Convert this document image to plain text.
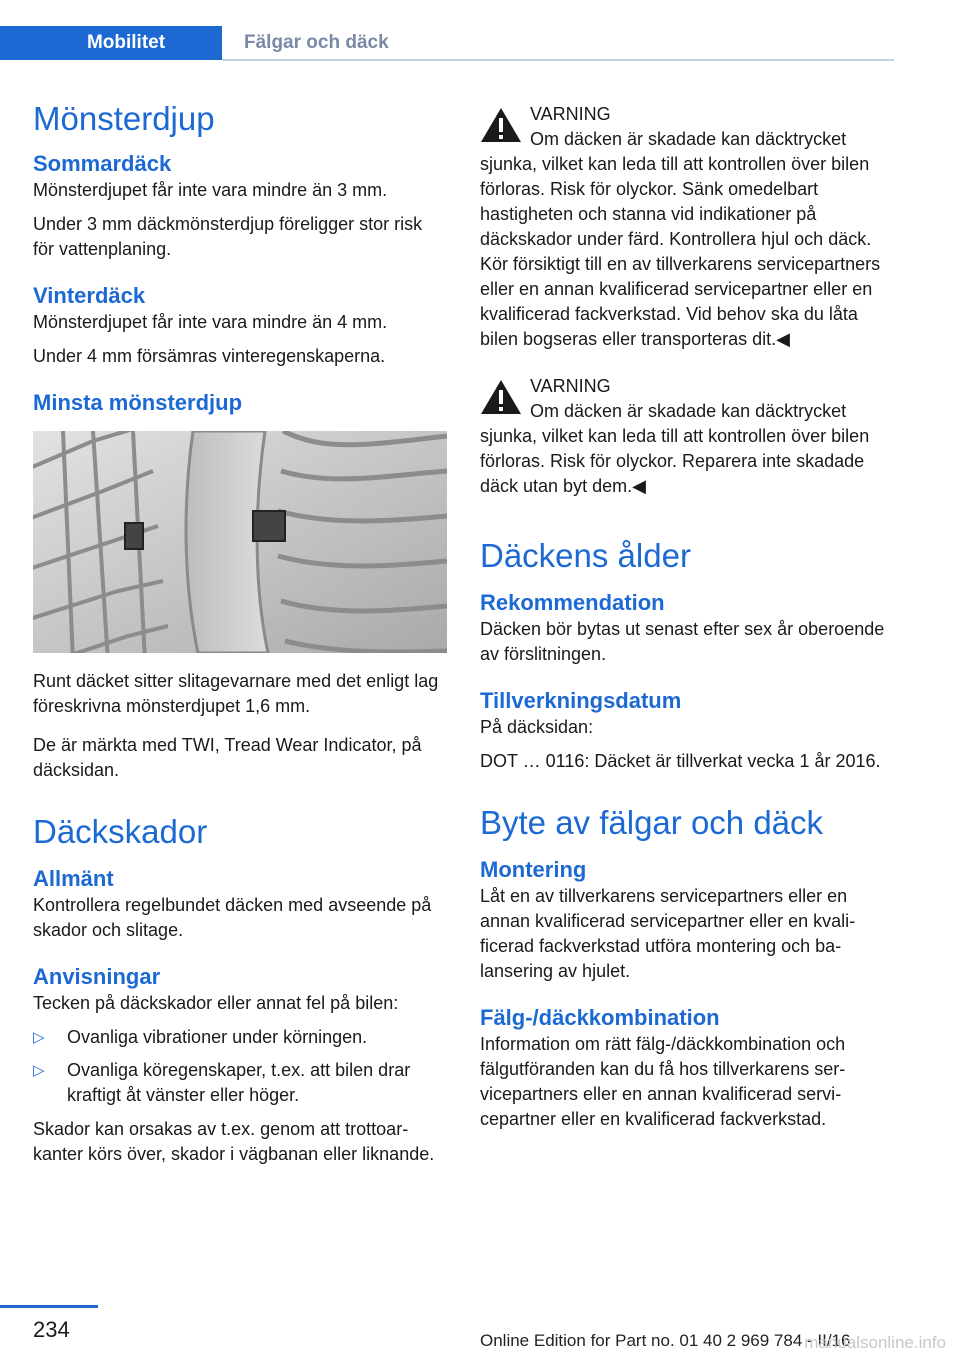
Mobilitet	Fälgar och däck
Mönsterdjup
Sommardäck

Mönsterdjupet får inte vara mindre än 3 mm.

Under 3 mm däckmönsterdjup föreligger stor risk för vattenplaning.

Vinterdäck

Mönsterdjupet får inte vara mindre än 4 mm.

Under 4 mm försämras vinteregenskaperna.

Minsta mönsterdjup

Runt däcket sitter slitagevarnare med det enligt lag föreskrivna mönsterdjupet 1,6 mm.

De är märkta med TWI, Tread Wear Indicator, på däcksidan.

Däckskador
Allmänt

Kontrollera regelbundet däcken med avseende på skador och slitage.

Anvisningar

Tecken på däckskador eller annat fel på bilen:

▷ Ovanliga vibrationer under körningen.
▷ Ovanliga köregenskaper, t.ex. att bilen drar kraftigt åt vänster eller höger.

Skador kan orsakas av t.ex. genom att trottoarkanter körs över, skador i vägbanan eller liknande.

VARNING

Om däcken är skadade kan däcktrycket

sjunka, vilket kan leda till att kontrollen över bilen förloras. Risk för olyckor. Sänk omedelbart hastigheten och stanna vid indikationer på däckskador under färd. Kontrollera hjul och däck. Kör försiktigt till en av tillverkarens servicepartners eller en annan kvalificerad servicepartner eller en kvalificerad fackverkstad. Vid behov ska du låta bilen bogseras eller transporteras dit.◀

VARNING

Om däcken är skadade kan däcktrycket

sjunka, vilket kan leda till att kontrollen över bilen förloras. Risk för olyckor. Reparera inte skadade däck utan byt dem.◀

Däckens ålder
Rekommendation

Däcken bör bytas ut senast efter sex år oberoende av förslitningen.

Tillverkningsdatum

På däcksidan:

DOT … 0116: Däcket är tillverkat vecka 1 år 2016.

Byte av fälgar och däck
Montering

Låt en av tillverkarens servicepartners eller en annan kvalificerad servicepartner eller en kvalificerad fackverkstad utföra montering och balansering av hjulet.

Fälg-/däckkombination

Information om rätt fälg-/däckkombination och fälgutföranden kan du få hos tillverkarens servicepartners eller en annan kvalificerad servicepartner eller en kvalificerad fackverkstad.

234	Online Edition for Part no. 01 40 2 969 784 - II/16
manualsonline.info
